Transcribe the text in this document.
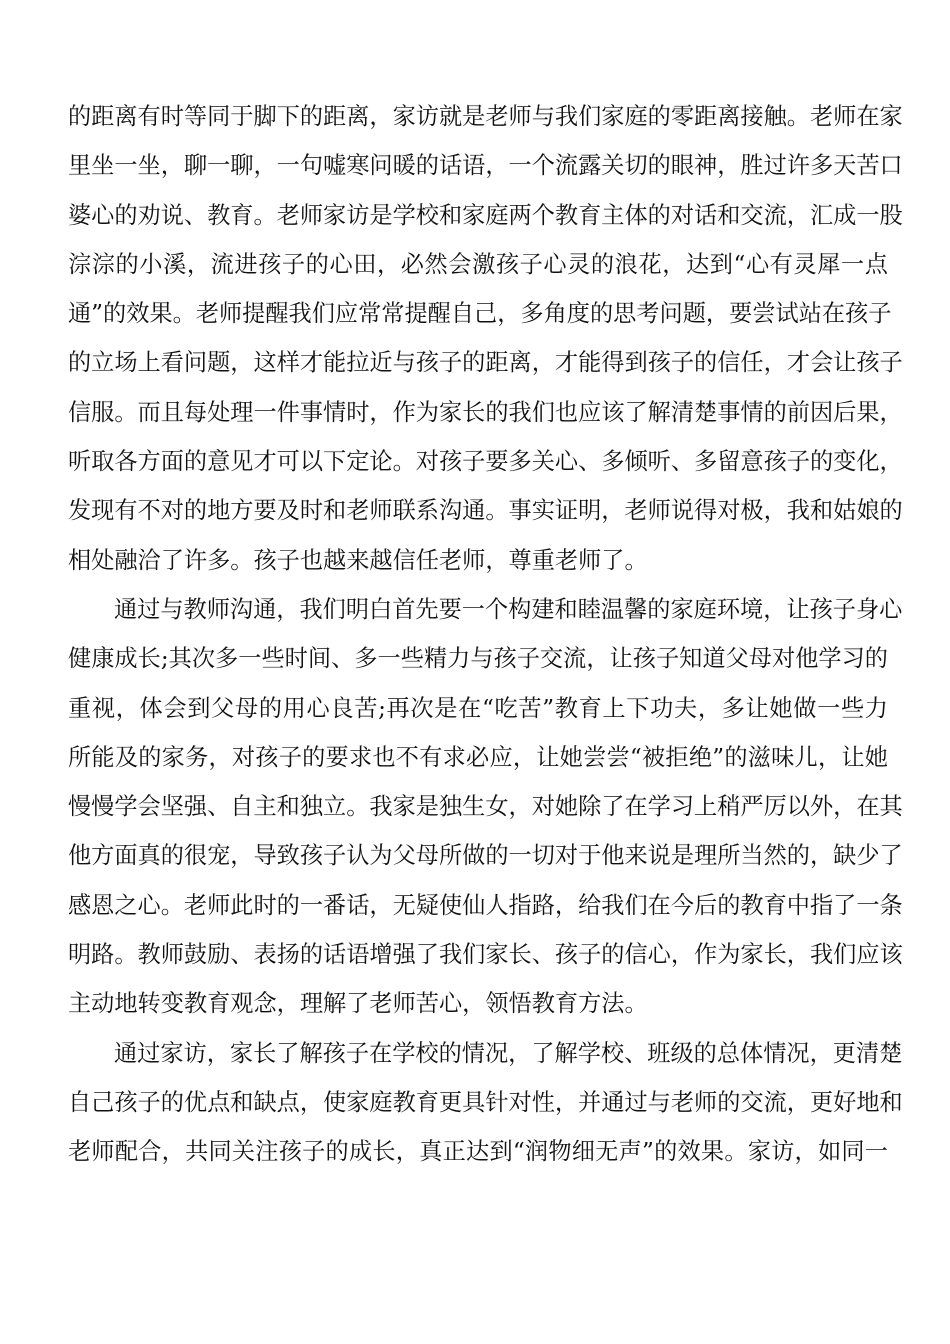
的距离有时等同于脚下的距离，家访就是老师与我们家庭的零距离接触。老师在家
里坐一坐，聊一聊，一句嘘寒问暖的话语，一个流露关切的眼神，胜过许多天苦口
婆心的劝说、教育。老师家访是学校和家庭两个教育主体的对话和交流，汇成一股
淙淙的小溪，流进孩子的心田，必然会激孩子心灵的浪花，达到“心有灵犀一点
通”的效果。老师提醒我们应常常提醒自己，多角度的思考问题，要尝试站在孩子
的立场上看问题，这样才能拉近与孩子的距离，才能得到孩子的信任，才会让孩子
信服。而且每处理一件事情时，作为家长的我们也应该了解清楚事情的前因后果，
听取各方面的意见才可以下定论。对孩子要多关心、多倾听、多留意孩子的变化，
发现有不对的地方要及时和老师联系沟通。事实证明，老师说得对极，我和姑娘的
相处融洽了许多。孩子也越来越信任老师，尊重老师了。
通过与教师沟通，我们明白首先要一个构建和睦温馨的家庭环境，让孩子身心
健康成长;其次多一些时间、多一些精力与孩子交流，让孩子知道父母对他学习的
重视，体会到父母的用心良苦;再次是在“吃苦”教育上下功夫，多让她做一些力
所能及的家务，对孩子的要求也不有求必应，让她尝尝“被拒绝”的滋味儿，让她
慢慢学会坚强、自主和独立。我家是独生女，对她除了在学习上稍严厉以外，在其
他方面真的很宠，导致孩子认为父母所做的一切对于他来说是理所当然的，缺少了
感恩之心。老师此时的一番话，无疑使仙人指路，给我们在今后的教育中指了一条
明路。教师鼓励、表扬的话语增强了我们家长、孩子的信心，作为家长，我们应该
主动地转变教育观念，理解了老师苦心，领悟教育方法。
通过家访，家长了解孩子在学校的情况，了解学校、班级的总体情况，更清楚
自己孩子的优点和缺点，使家庭教育更具针对性，并通过与老师的交流，更好地和
老师配合，共同关注孩子的成长，真正达到“润物细无声”的效果。家访，如同一
